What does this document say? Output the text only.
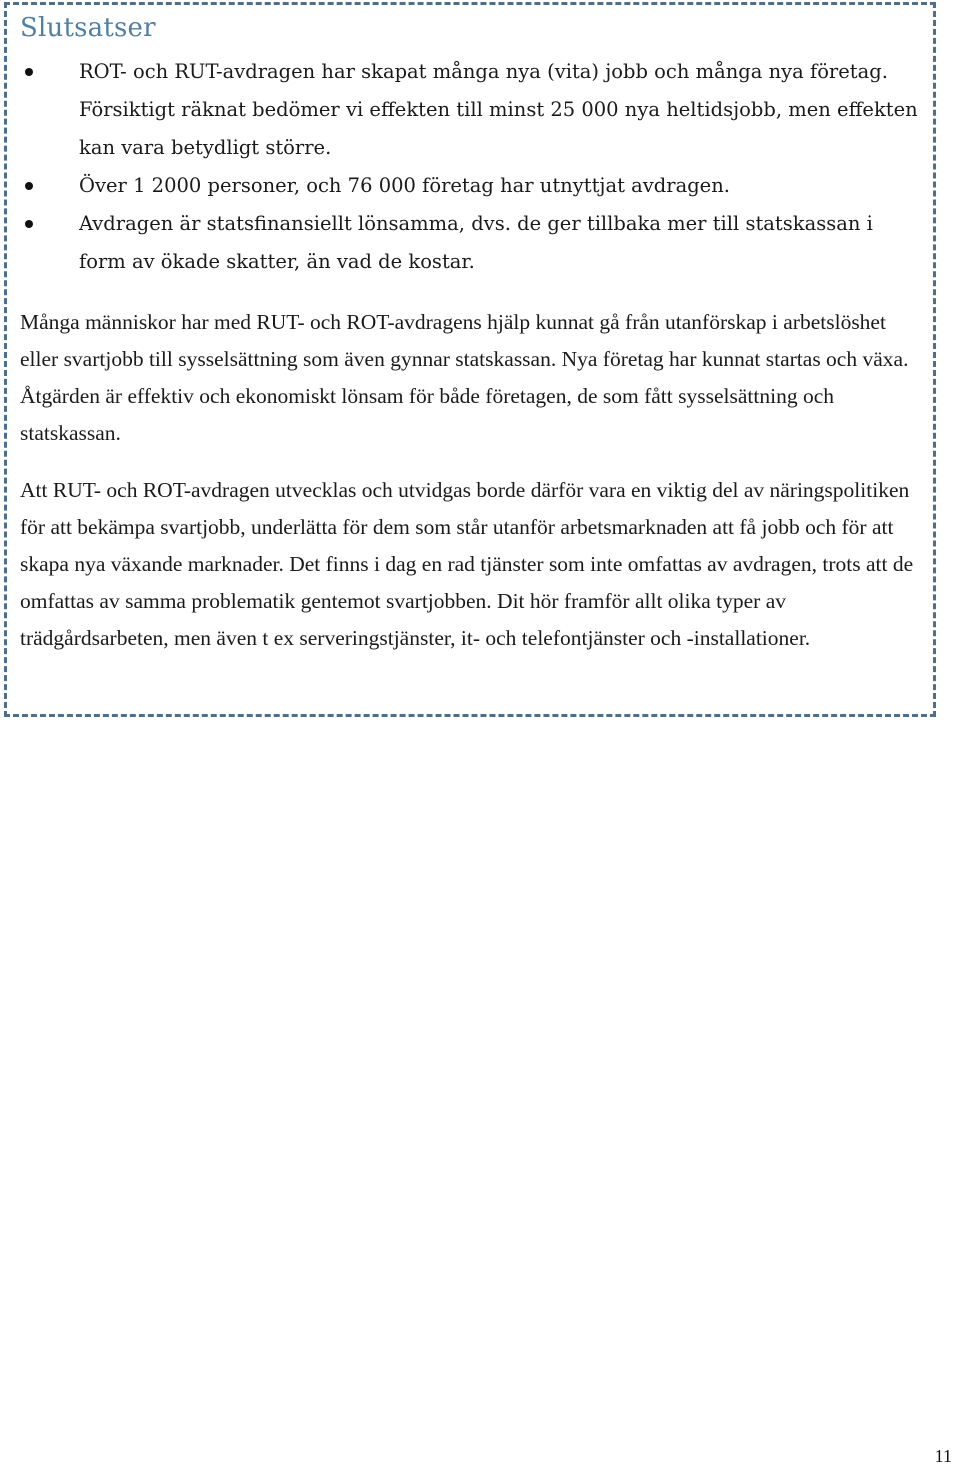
Slutsatser
ROT- och RUT-avdragen har skapat många nya (vita) jobb och många nya företag. Försiktigt räknat bedömer vi effekten till minst 25 000 nya heltidsjobb, men effekten kan vara betydligt större.
Över 1 2000 personer, och 76 000 företag har utnyttjat avdragen.
Avdragen är statsfinansiellt lönsamma, dvs. de ger tillbaka mer till statskassan i form av ökade skatter, än vad de kostar.

Många människor har med RUT- och ROT-avdragens hjälp kunnat gå från utanförskap i arbetslöshet eller svartjobb till sysselsättning som även gynnar statskassan. Nya företag har kunnat startas och växa. Åtgärden är effektiv och ekonomiskt lönsam för både företagen, de som fått sysselsättning och statskassan.

Att RUT- och ROT-avdragen utvecklas och utvidgas borde därför vara en viktig del av näringspolitiken för att bekämpa svartjobb, underlätta för dem som står utanför arbetsmarknaden att få jobb och för att skapa nya växande marknader. Det finns i dag en rad tjänster som inte omfattas av avdragen, trots att de omfattas av samma problematik gentemot svartjobben. Dit hör framför allt olika typer av trädgårdsarbeten, men även t ex serveringstjänster, it- och telefontjänster och -installationer.

11
